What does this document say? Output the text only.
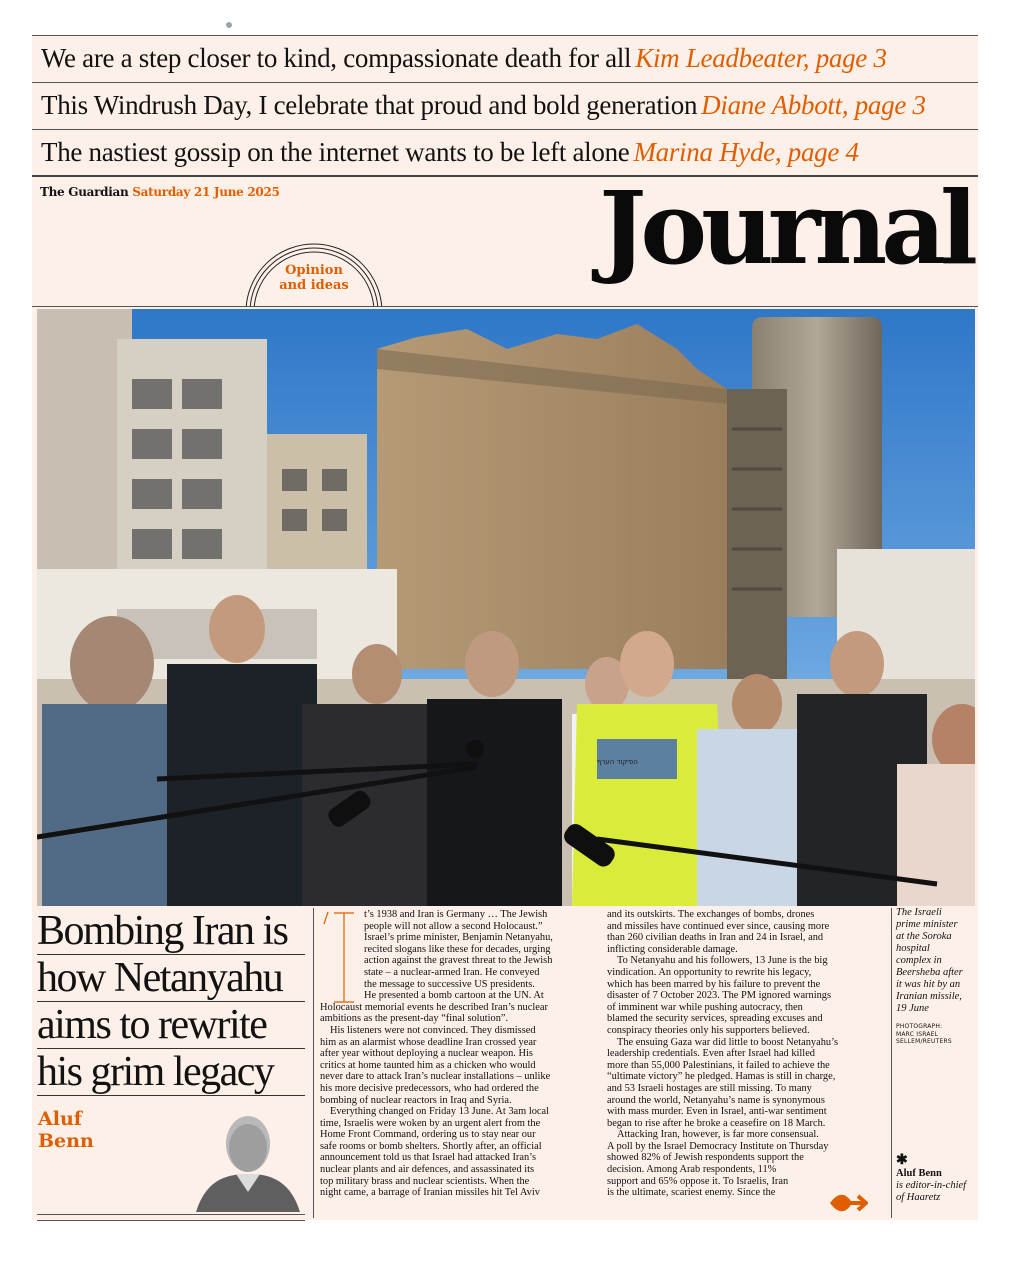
We are a step closer to kind, compassionate death for all Kim Leadbeater, page 3
This Windrush Day, I celebrate that proud and bold generation Diane Abbott, page 3
The nastiest gossip on the internet wants to be left alone Marina Hyde, page 4
The Guardian Saturday 21 June 2025	Journal
Opinion
and ideas
הפיקוד הערף
Bombing Iran is
how Netanyahu
aims to rewrite
his grim legacy
Aluf
Benn

t’s 1938 and Iran is Germany … The Jewish

people will not allow a second Holocaust.”

Israel’s prime minister, Benjamin Netanyahu,

recited slogans like these for decades, urging

action against the gravest threat to the Jewish

state – a nuclear-armed Iran. He conveyed

the message to successive US presidents.

He presented a bomb cartoon at the UN. At

Holocaust memorial events he described Iran’s nuclear

ambitions as the present-day “final solution”.

His listeners were not convinced. They dismissed

him as an alarmist whose deadline Iran crossed year

after year without deploying a nuclear weapon. His

critics at home taunted him as a chicken who would

never dare to attack Iran’s nuclear installations – unlike

his more decisive predecessors, who had ordered the

bombing of nuclear reactors in Iraq and Syria.

Everything changed on Friday 13 June. At 3am local

time, Israelis were woken by an urgent alert from the

Home Front Command, ordering us to stay near our

safe rooms or bomb shelters. Shortly after, an official

announcement told us that Israel had attacked Iran’s

nuclear plants and air defences, and assassinated its

top military brass and nuclear scientists. When the

night came, a barrage of Iranian missiles hit Tel Aviv

and its outskirts. The exchanges of bombs, drones

and missiles have continued ever since, causing more

than 260 civilian deaths in Iran and 24 in Israel, and

inflicting considerable damage.

To Netanyahu and his followers, 13 June is the big

vindication. An opportunity to rewrite his legacy,

which has been marred by his failure to prevent the

disaster of 7 October 2023. The PM ignored warnings

of imminent war while pushing autocracy, then

blamed the security services, spreading excuses and

conspiracy theories only his supporters believed.

The ensuing Gaza war did little to boost Netanyahu’s

leadership credentials. Even after Israel had killed

more than 55,000 Palestinians, it failed to achieve the

“ultimate victory” he pledged. Hamas is still in charge,

and 53 Israeli hostages are still missing. To many

around the world, Netanyahu’s name is synonymous

with mass murder. Even in Israel, anti-war sentiment

began to rise after he broke a ceasefire on 18 March.

Attacking Iran, however, is far more consensual.

A poll by the Israel Democracy Institute on Thursday

showed 82% of Jewish respondents support the

decision. Among Arab respondents, 11%

support and 65% oppose it. To Israelis, Iran

is the ultimate, scariest enemy. Since the

The Israeli
prime minister
at the Soroka
hospital
complex in
Beersheba after
it was hit by an
Iranian missile,
19 June
PHOTOGRAPH:
MARC ISRAEL
SELLEM/REUTERS
✱
Aluf Benn
is editor-in-chief
of Haaretz
